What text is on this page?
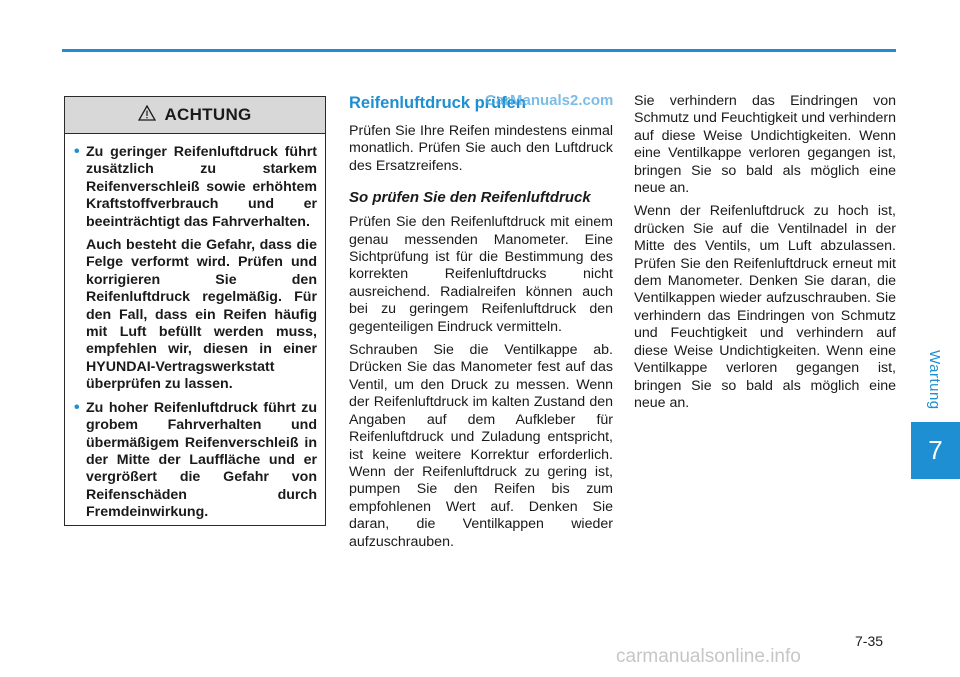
Wartung
7
ACHTUNG
• Zu geringer Reifenluftdruck führt zusätzlich zu starkem Reifenverschleiß sowie erhöhtem Kraftstoffverbrauch und er beeinträchtigt das Fahrverhalten.

Auch besteht die Gefahr, dass die Felge verformt wird. Prüfen und korrigieren Sie den Reifenluftdruck regelmäßig. Für den Fall, dass ein Reifen häufig mit Luft befüllt werden muss, empfehlen wir, diesen in einer HYUNDAI-Vertragswerkstatt überprüfen zu lassen.

• Zu hoher Reifenluftdruck führt zu grobem Fahrverhalten und übermäßigem Reifenverschleiß in der Mitte der Lauffläche und er vergrößert die Gefahr von Reifenschäden durch Fremdeinwirkung.

Reifenluftdruck prüfen

Prüfen Sie Ihre Reifen mindestens einmal monatlich. Prüfen Sie auch den Luftdruck des Ersatzreifens.

So prüfen Sie den Reifenluftdruck

Prüfen Sie den Reifenluftdruck mit einem genau messenden Manometer. Eine Sichtprüfung ist für die Bestimmung des korrekten Reifenluftdrucks nicht ausreichend. Radialreifen können auch bei zu geringem Reifenluftdruck den gegenteiligen Eindruck vermitteln.

Schrauben Sie die Ventilkappe ab. Drücken Sie das Manometer fest auf das Ventil, um den Druck zu messen. Wenn der Reifenluftdruck im kalten Zustand den Angaben auf dem Aufkleber für Reifenluftdruck und Zuladung entspricht, ist keine weitere Korrektur erforderlich. Wenn der Reifenluftdruck zu gering ist, pumpen Sie den Reifen bis zum empfohlenen Wert auf. Denken Sie daran, die Ventilkappen wieder aufzuschrauben.

Sie verhindern das Eindringen von Schmutz und Feuchtigkeit und verhindern auf diese Weise Undichtigkeiten. Wenn eine Ventilkappe verloren gegangen ist, bringen Sie so bald als möglich eine neue an.

Wenn der Reifenluftdruck zu hoch ist, drücken Sie auf die Ventilnadel in der Mitte des Ventils, um Luft abzulassen. Prüfen Sie den Reifenluftdruck erneut mit dem Manometer. Denken Sie daran, die Ventilkappen wieder aufzuschrauben. Sie verhindern das Eindringen von Schmutz und Feuchtigkeit und verhindern auf diese Weise Undichtigkeiten. Wenn eine Ventilkappe verloren gegangen ist, bringen Sie so bald als möglich eine neue an.

CarManuals2.com
7-35
carmanualsonline.info
